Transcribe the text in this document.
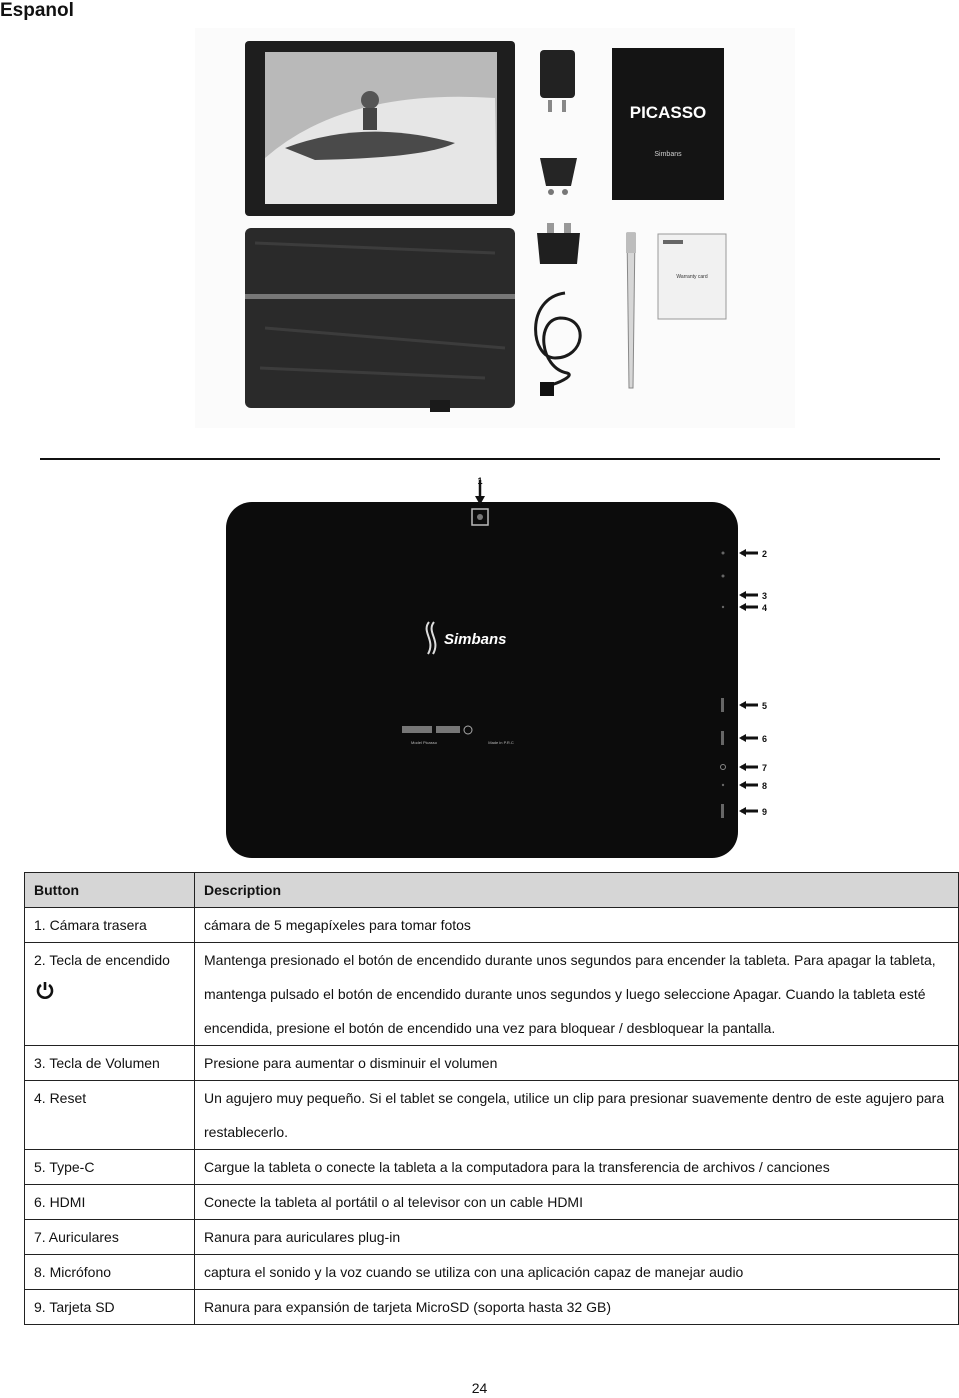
Espanol
PICASSO
Simbans
Warranty card
1
Simbans
Model Picasso	Made in P.R.C
2
3
4
5
6
7
8
9
Button	Description
1. Cámara trasera	cámara de 5 megapíxeles para tomar fotos
2. Tecla de encendido	Mantenga presionado el botón de encendido durante unos segundos para encender la tableta. Para apagar la tableta, mantenga pulsado el botón de encendido durante unos segundos y luego seleccione Apagar. Cuando la tableta esté encendida, presione el botón de encendido una vez para bloquear / desbloquear la pantalla.
3. Tecla de Volumen	Presione para aumentar o disminuir el volumen
4. Reset	Un agujero muy pequeño. Si el tablet se congela, utilice un clip para presionar suavemente dentro de este agujero para restablecerlo.
5. Type-C	Cargue la tableta o conecte la tableta a la computadora para la transferencia de archivos / canciones
6. HDMI	Conecte la tableta al portátil o al televisor con un cable HDMI
7. Auriculares	Ranura para auriculares plug-in
8. Micrófono	captura el sonido y la voz cuando se utiliza con una aplicación capaz de manejar audio
9. Tarjeta SD	Ranura para expansión de tarjeta MicroSD (soporta hasta 32 GB)
24
